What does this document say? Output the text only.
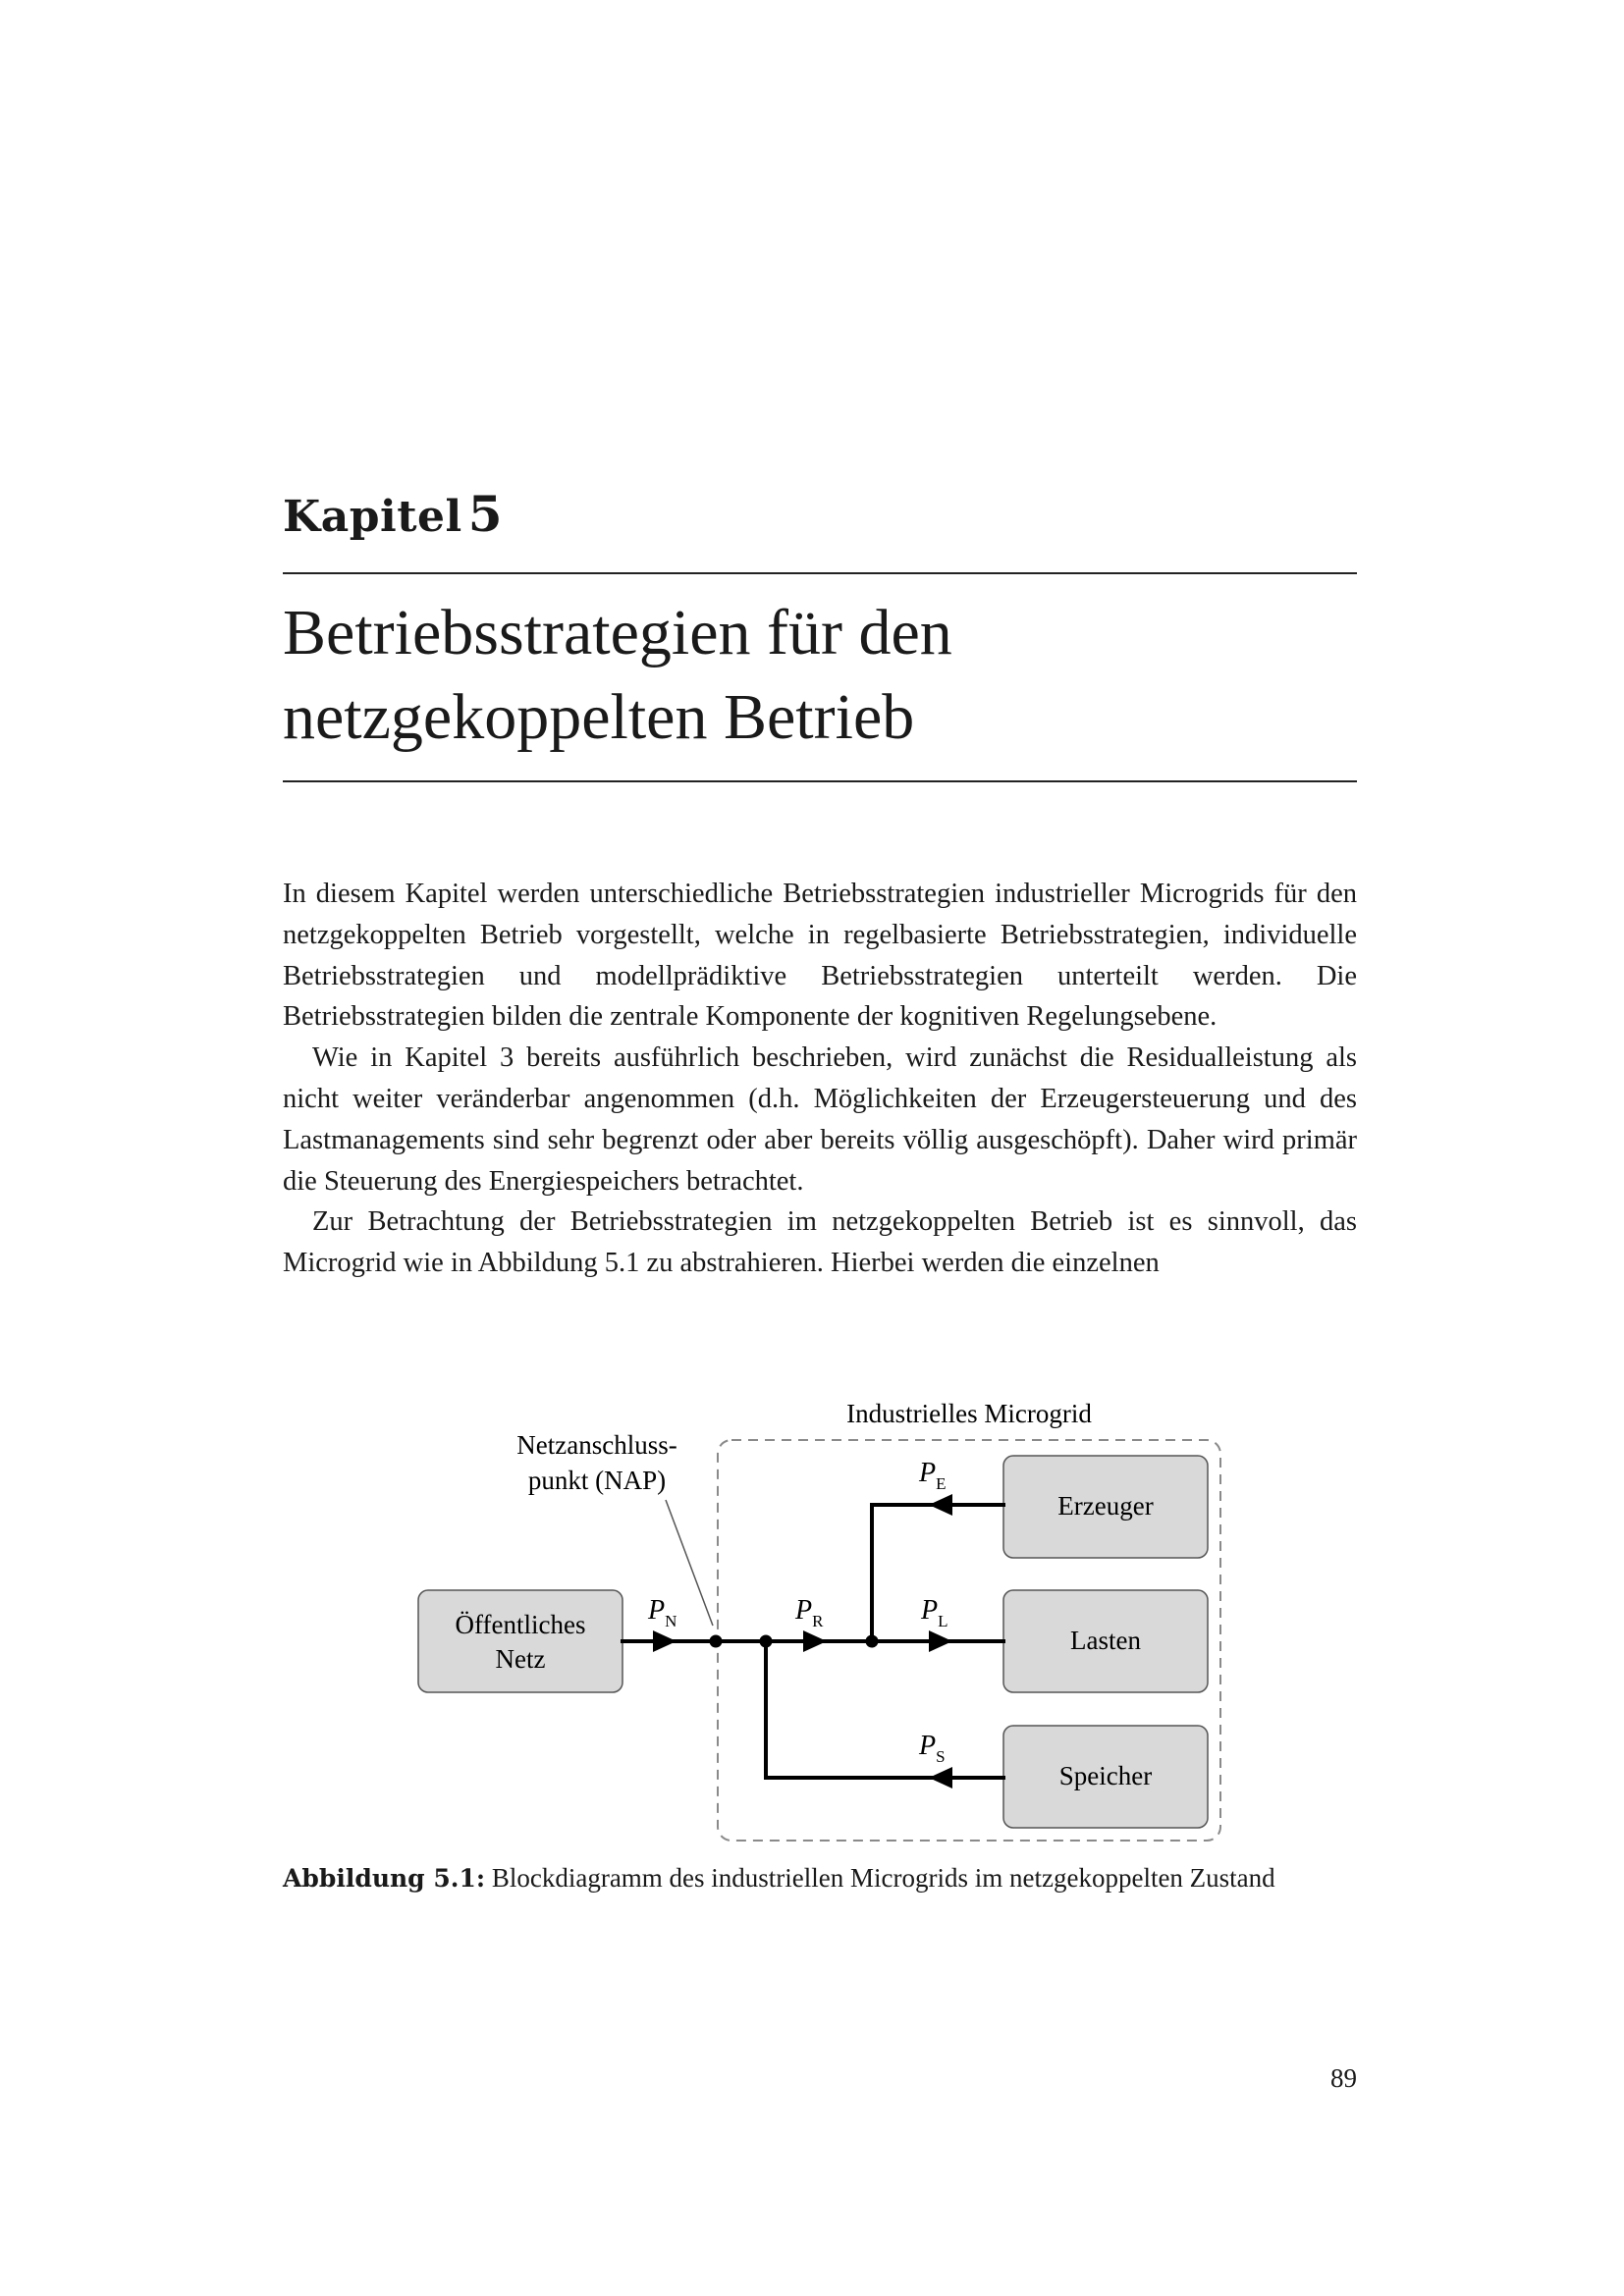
Kapitel 5
Betriebsstrategien für den
netzgekoppelten Betrieb

In diesem Kapitel werden unterschiedliche Betriebsstrategien industrieller Microgrids für den netzgekoppelten Betrieb vorgestellt, welche in regelbasierte Betriebsstrategien, individuelle Betriebsstrategien und modellprädiktive Betriebsstrategien unterteilt werden. Die Betriebsstrategien bilden die zentrale Komponente der kognitiven Regelungsebene.

Wie in Kapitel 3 bereits ausführlich beschrieben, wird zunächst die Residualleistung als nicht weiter veränderbar angenommen (d.h. Möglichkeiten der Erzeugersteuerung und des Lastmanagements sind sehr begrenzt oder aber bereits völlig ausgeschöpft). Daher wird primär die Steuerung des Energiespeichers betrachtet.

Zur Betrachtung der Betriebsstrategien im netzgekoppelten Betrieb ist es sinnvoll, das Microgrid wie in Abbildung 5.1 zu abstrahieren. Hierbei werden die einzelnen

Industrielles Microgrid
Netzanschluss-
punkt (NAP)
Öffentliches
Netz
Erzeuger
Lasten
Speicher
$P_N$	$P_R$	$P_L$
$P_E$
$P_S$
Abbildung 5.1: Blockdiagramm des industriellen Microgrids im netzgekoppelten Zustand
89
